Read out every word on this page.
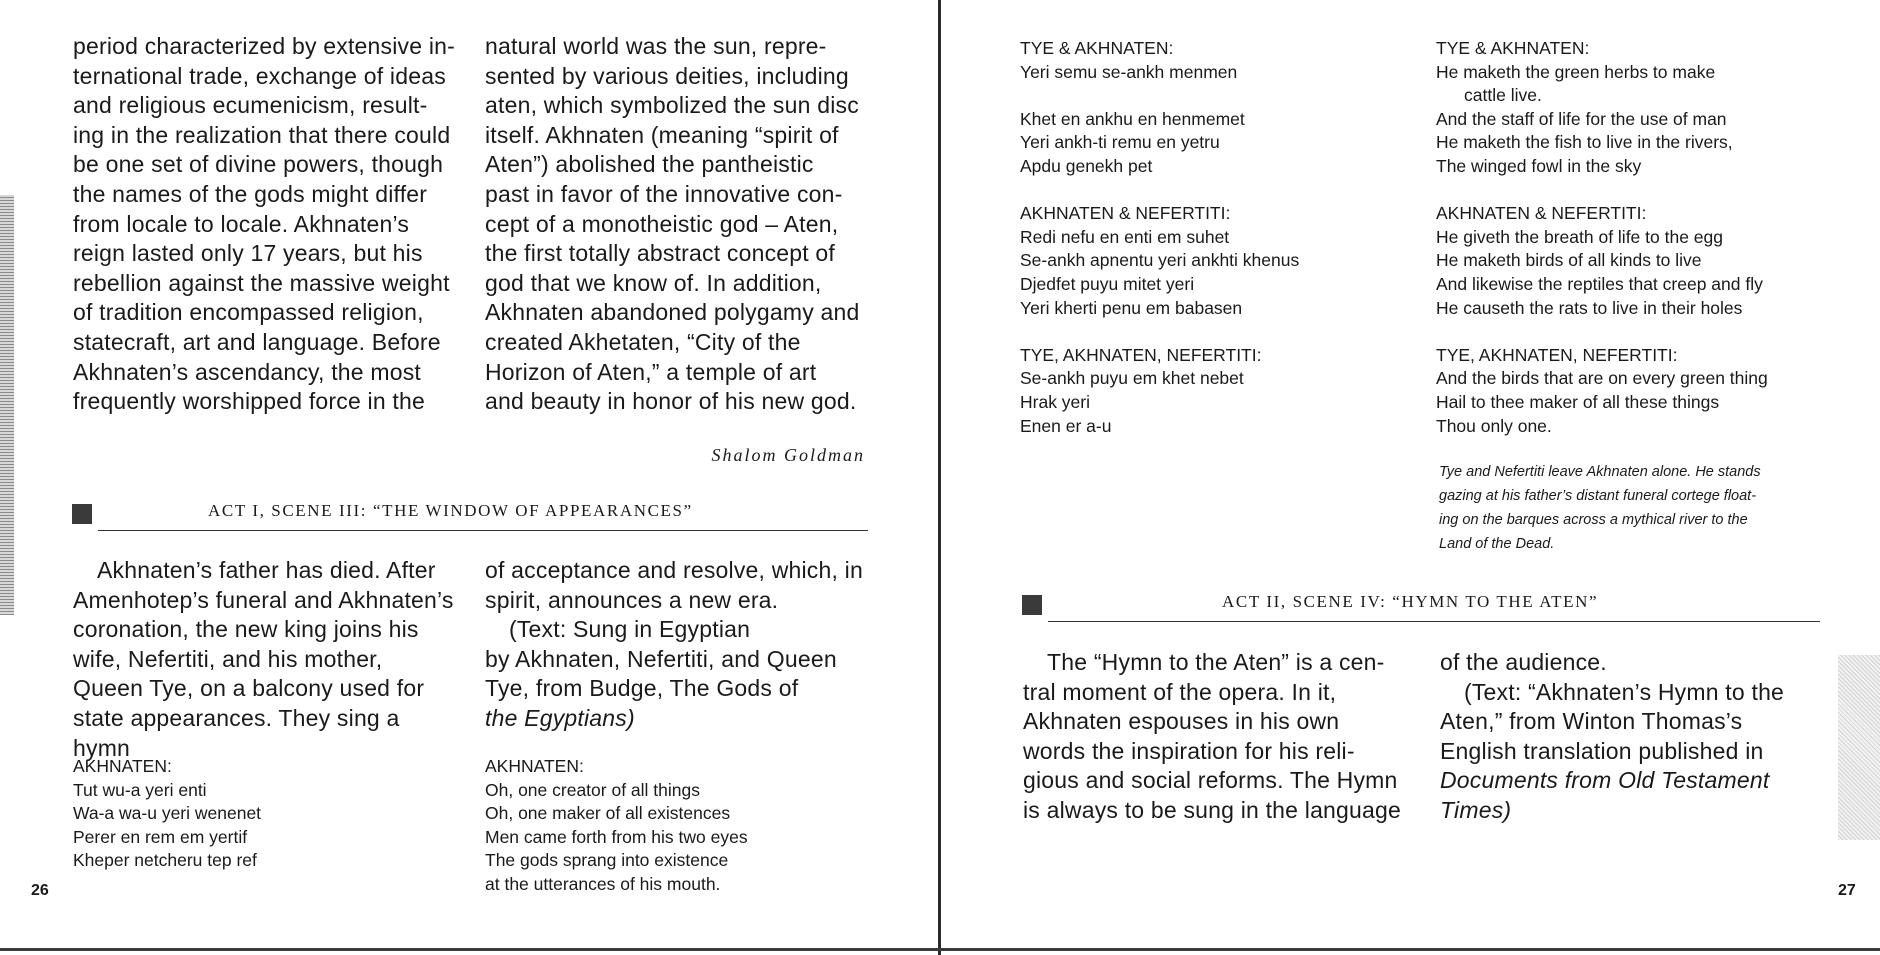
period characterized by extensive in-

ternational trade, exchange of ideas

and religious ecumenicism, result-

ing in the realization that there could

be one set of divine powers, though

the names of the gods might differ

from locale to locale. Akhnaten’s

reign lasted only 17 years, but his

rebellion against the massive weight

of tradition encompassed religion,

statecraft, art and language. Before

Akhnaten’s ascendancy, the most

frequently worshipped force in the

natural world was the sun, repre-

sented by various deities, including

aten, which symbolized the sun disc

itself. Akhnaten (meaning “spirit of

Aten”) abolished the pantheistic

past in favor of the innovative con-

cept of a monotheistic god – Aten,

the first totally abstract concept of

god that we know of. In addition,

Akhnaten abandoned polygamy and

created Akhetaten, “City of the

Horizon of Aten,” a temple of art

and beauty in honor of his new god.

Shalom Goldman
ACT I, SCENE III: “THE WINDOW OF APPEARANCES”

Akhnaten’s father has died. After

Amenhotep’s funeral and Akhnaten’s

coronation, the new king joins his

wife, Nefertiti, and his mother,

Queen Tye, on a balcony used for

state appearances. They sing a hymn

of acceptance and resolve, which, in

spirit, announces a new era.

(Text: Sung in Egyptian

by Akhnaten, Nefertiti, and Queen

Tye, from Budge, The Gods of

the Egyptians)

AKHNATEN:
Tut wu-a yeri enti
Wa-a wa-u yeri wenenet
Perer en rem em yertif
Kheper netcheru tep ref
AKHNATEN:
Oh, one creator of all things
Oh, one maker of all existences
Men came forth from his two eyes
The gods sprang into existence
at the utterances of his mouth.
26
TYE & AKHNATEN:
Yeri semu se-ankh menmen
Khet en ankhu en henmemet
Yeri ankh-ti remu en yetru
Apdu genekh pet
AKHNATEN & NEFERTITI:
Redi nefu en enti em suhet
Se-ankh apnentu yeri ankhti khenus
Djedfet puyu mitet yeri
Yeri kherti penu em babasen
TYE, AKHNATEN, NEFERTITI:
Se-ankh puyu em khet nebet
Hrak yeri
Enen er a-u
TYE & AKHNATEN:
He maketh the green herbs to make
cattle live.
And the staff of life for the use of man
He maketh the fish to live in the rivers,
The winged fowl in the sky
AKHNATEN & NEFERTITI:
He giveth the breath of life to the egg
He maketh birds of all kinds to live
And likewise the reptiles that creep and fly
He causeth the rats to live in their holes
TYE, AKHNATEN, NEFERTITI:
And the birds that are on every green thing
Hail to thee maker of all these things
Thou only one.
Tye and Nefertiti leave Akhnaten alone. He stands
gazing at his father’s distant funeral cortege float-
ing on the barques across a mythical river to the
Land of the Dead.
ACT II, SCENE IV: “HYMN TO THE ATEN”

The “Hymn to the Aten” is a cen-

tral moment of the opera. In it,

Akhnaten espouses in his own

words the inspiration for his reli-

gious and social reforms. The Hymn

is always to be sung in the language

of the audience.

(Text: “Akhnaten’s Hymn to the

Aten,” from Winton Thomas’s

English translation published in

Documents from Old Testament

Times)

27
